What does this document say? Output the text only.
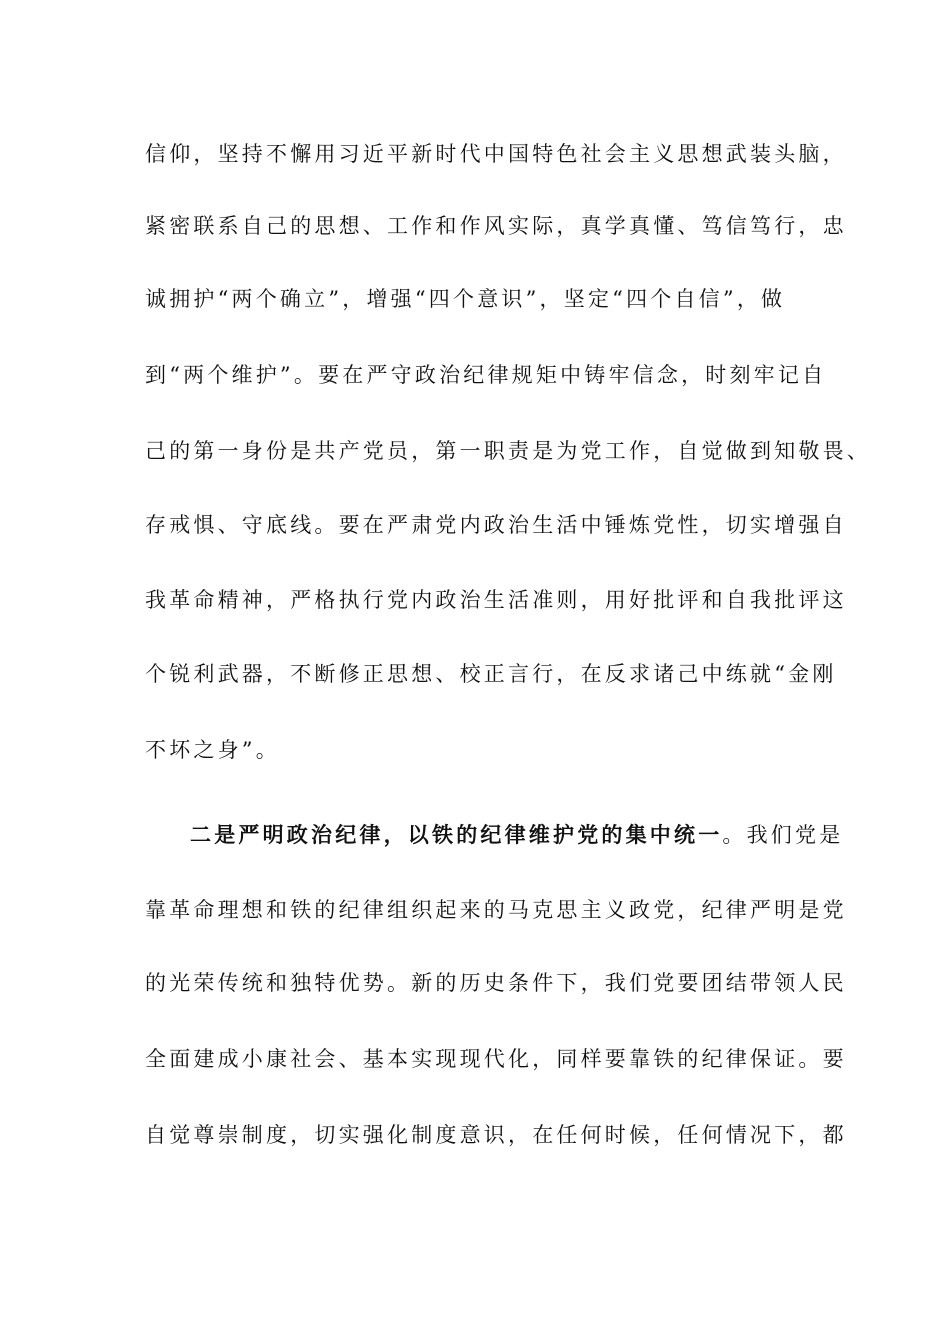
信仰，坚持不懈用习近平新时代中国特色社会主义思想武装头脑，
紧密联系自己的思想、工作和作风实际，真学真懂、笃信笃行，忠
诚拥护“两个确立”，增强“四个意识”，坚定“四个自信”，做
到“两个维护”。要在严守政治纪律规矩中铸牢信念，时刻牢记自
己的第一身份是共产党员，第一职责是为党工作，自觉做到知敬畏、
存戒惧、守底线。要在严肃党内政治生活中锤炼党性，切实增强自
我革命精神，严格执行党内政治生活准则，用好批评和自我批评这
个锐利武器，不断修正思想、校正言行，在反求诸己中练就“金刚
不坏之身”。
二是严明政治纪律，以铁的纪律维护党的集中统一。我们党是
靠革命理想和铁的纪律组织起来的马克思主义政党，纪律严明是党
的光荣传统和独特优势。新的历史条件下，我们党要团结带领人民
全面建成小康社会、基本实现现代化，同样要靠铁的纪律保证。要
自觉尊崇制度，切实强化制度意识，在任何时候，任何情况下，都
